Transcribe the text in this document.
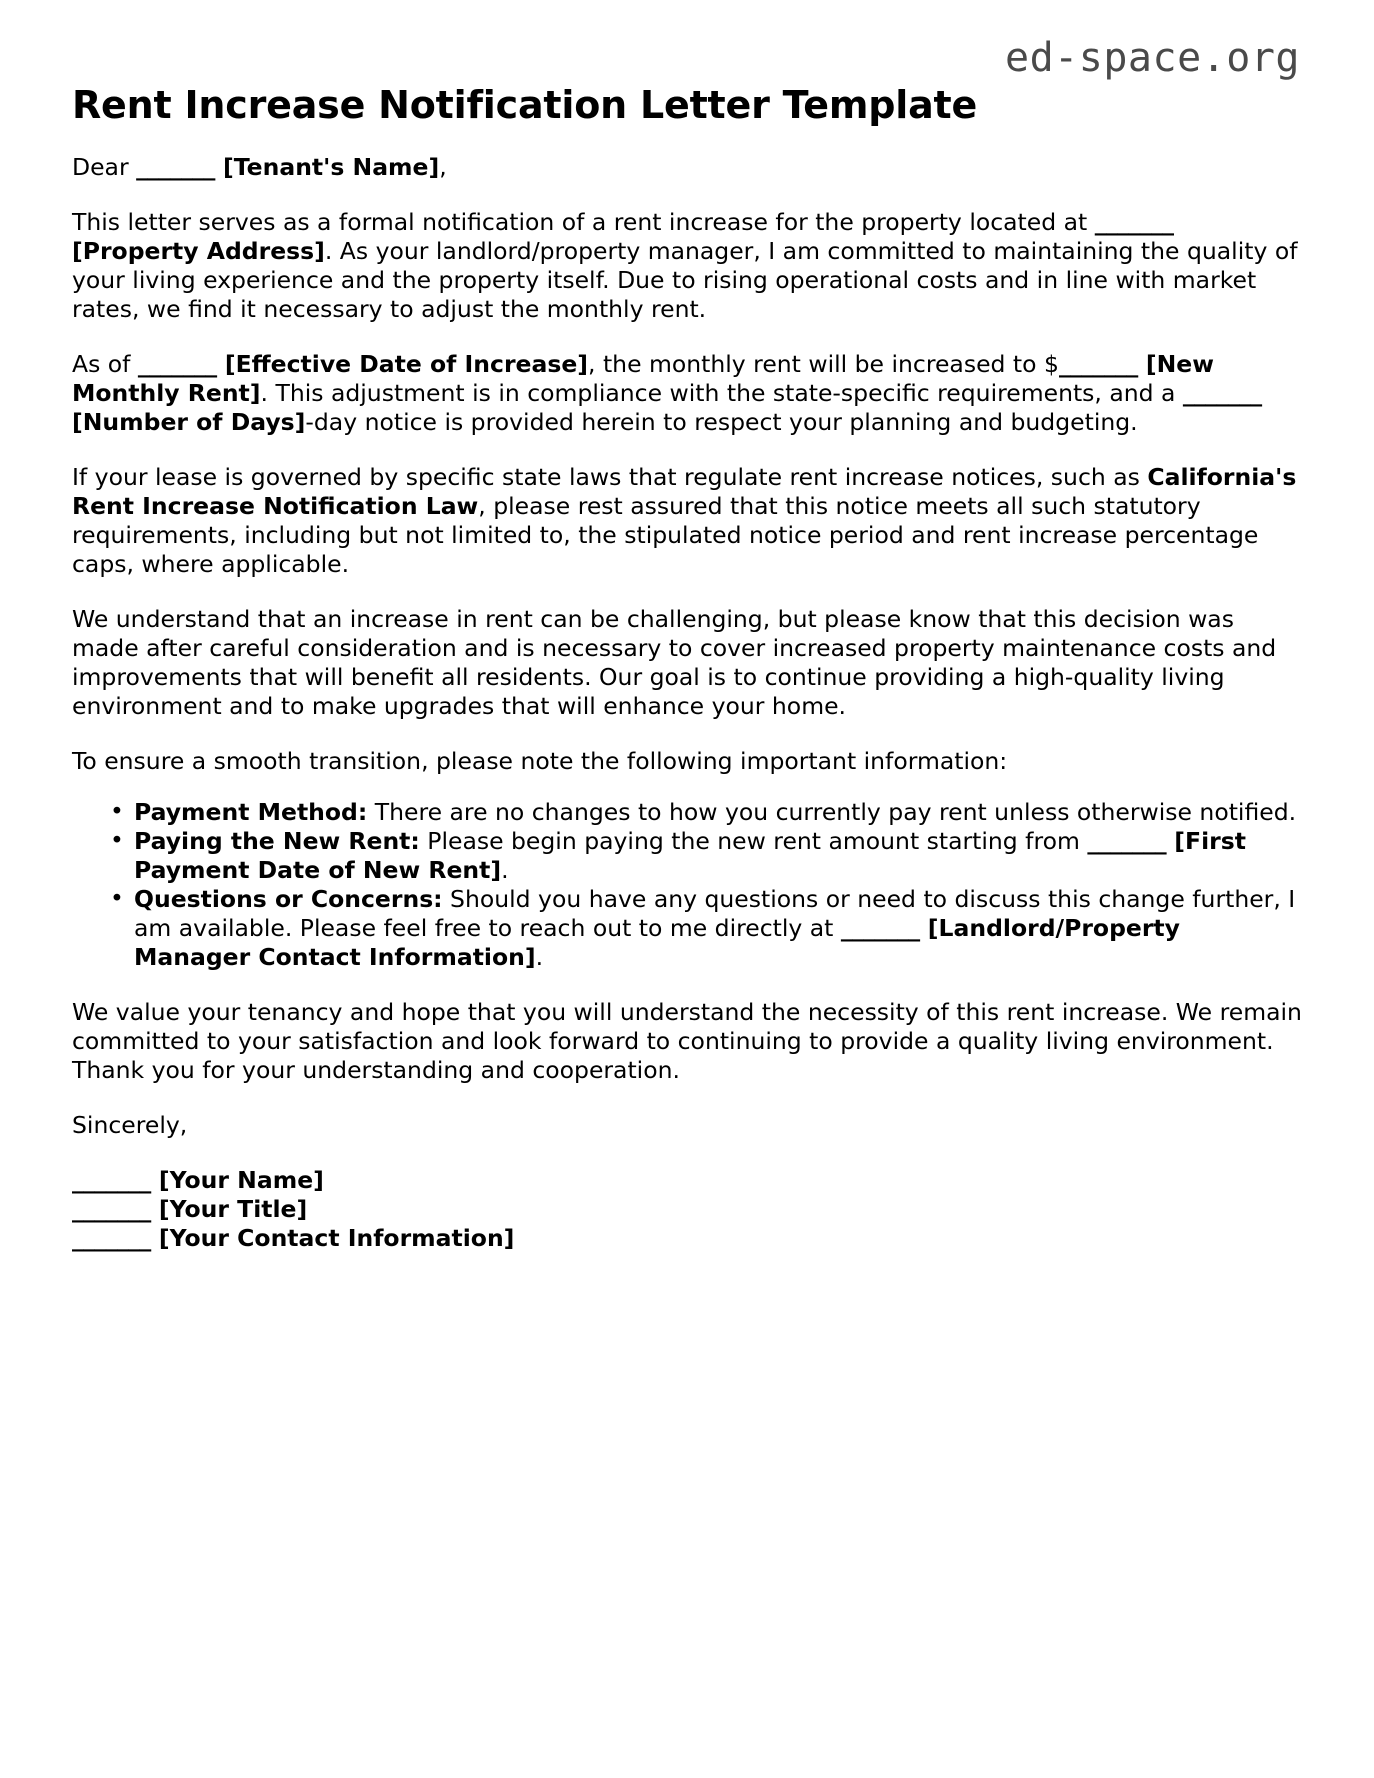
ed-space.org
Rent Increase Notification Letter Template

Dear _______ [Tenant's Name],

This letter serves as a formal notification of a rent increase for the property located at _______ [Property Address]. As your landlord/property manager, I am committed to maintaining the quality of your living experience and the property itself. Due to rising operational costs and in line with market rates, we find it necessary to adjust the monthly rent.

As of _______ [Effective Date of Increase], the monthly rent will be increased to $_______ [New Monthly Rent]. This adjustment is in compliance with the state-specific requirements, and a _______ [Number of Days]-day notice is provided herein to respect your planning and budgeting.

If your lease is governed by specific state laws that regulate rent increase notices, such as California's Rent Increase Notification Law, please rest assured that this notice meets all such statutory requirements, including but not limited to, the stipulated notice period and rent increase percentage caps, where applicable.

We understand that an increase in rent can be challenging, but please know that this decision was made after careful consideration and is necessary to cover increased property maintenance costs and improvements that will benefit all residents. Our goal is to continue providing a high-quality living environment and to make upgrades that will enhance your home.

To ensure a smooth transition, please note the following important information:

• Payment Method: There are no changes to how you currently pay rent unless otherwise notified.
• Paying the New Rent: Please begin paying the new rent amount starting from _______ [First Payment Date of New Rent].
• Questions or Concerns: Should you have any questions or need to discuss this change further, I am available. Please feel free to reach out to me directly at _______ [Landlord/Property Manager Contact Information].

We value your tenancy and hope that you will understand the necessity of this rent increase. We remain committed to your satisfaction and look forward to continuing to provide a quality living environment. Thank you for your understanding and cooperation.

Sincerely,

_______ [Your Name]
_______ [Your Title]
_______ [Your Contact Information]
